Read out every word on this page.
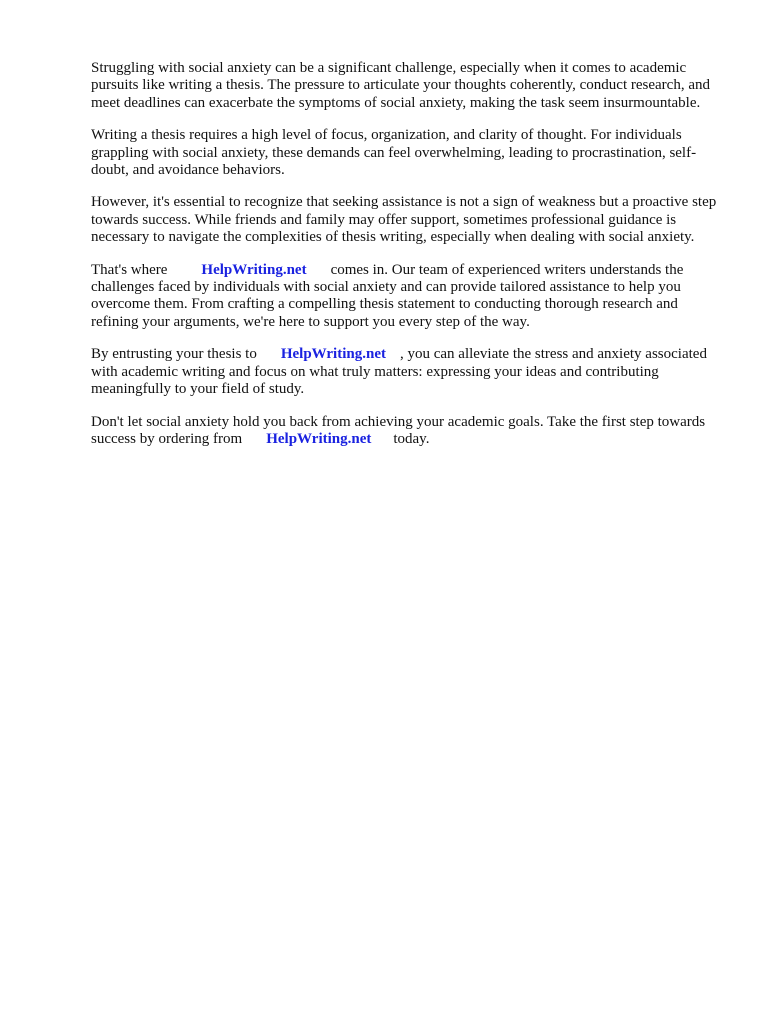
Struggling with social anxiety can be a significant challenge, especially when it comes to academic pursuits like writing a thesis. The pressure to articulate your thoughts coherently, conduct research, and meet deadlines can exacerbate the symptoms of social anxiety, making the task seem insurmountable.

Writing a thesis requires a high level of focus, organization, and clarity of thought. For individuals grappling with social anxiety, these demands can feel overwhelming, leading to procrastination, self-doubt, and avoidance behaviors.

However, it's essential to recognize that seeking assistance is not a sign of weakness but a proactive step towards success. While friends and family may offer support, sometimes professional guidance is necessary to navigate the complexities of thesis writing, especially when dealing with social anxiety.

That's where HelpWriting.net comes in. Our team of experienced writers understands the challenges faced by individuals with social anxiety and can provide tailored assistance to help you overcome them. From crafting a compelling thesis statement to conducting thorough research and refining your arguments, we're here to support you every step of the way.

By entrusting your thesis to HelpWriting.net , you can alleviate the stress and anxiety associated with academic writing and focus on what truly matters: expressing your ideas and contributing meaningfully to your field of study.

Don't let social anxiety hold you back from achieving your academic goals. Take the first step towards success by ordering from HelpWriting.net today.
